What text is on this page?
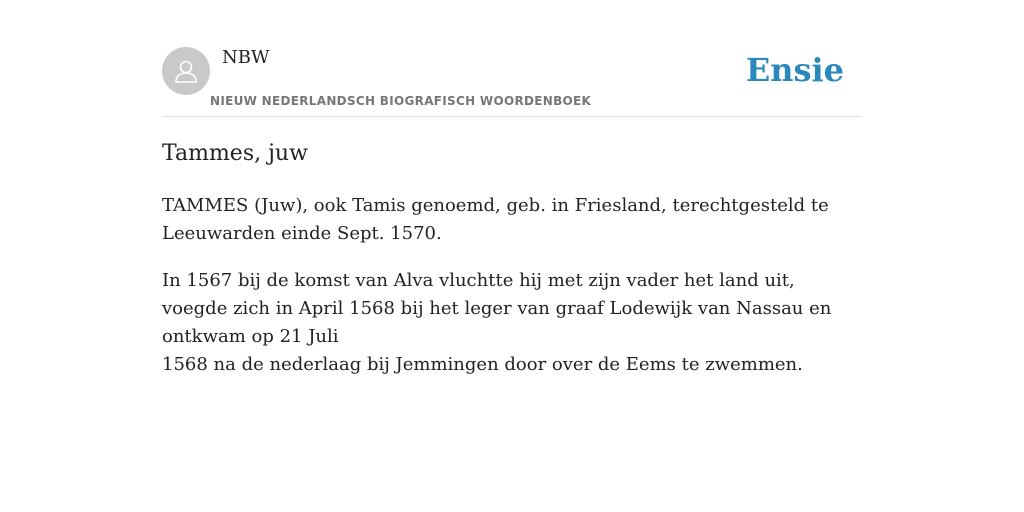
NBW
NIEUW NEDERLANDSCH BIOGRAFISCH WOORDENBOEK
Ensie
Tammes, juw

TAMMES (Juw), ook Tamis genoemd, geb. in Friesland, terechtgesteld te Leeuwarden einde Sept. 1570.

In 1567 bij de komst van Alva vluchtte hij met zijn vader het land uit, voegde zich in April 1568 bij het leger van graaf Lodewijk van Nassau en ontkwam op 21 Juli

1568 na de nederlaag bij Jemmingen door over de Eems te zwemmen.
